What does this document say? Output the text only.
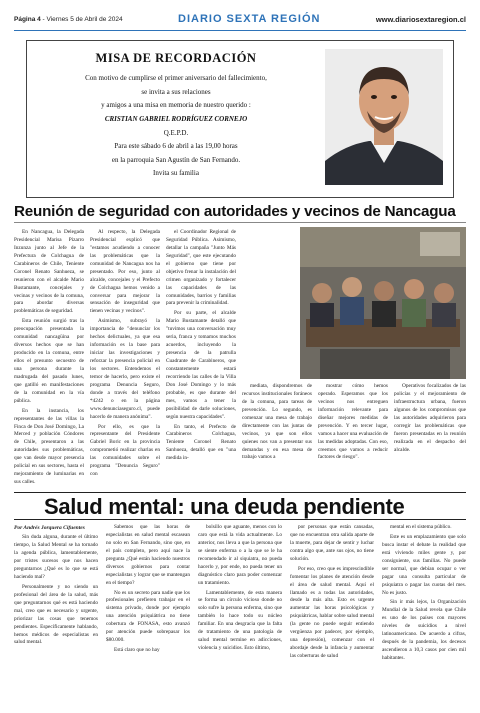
Página 4 - Viernes 5 de Abril de 2024	DIARIO SEXTA REGIÓN	www.diariosextaregion.cl
MISA DE RECORDACIÓN
Con motivo de cumplirse el primer aniversario del fallecimiento,
se invita a sus relaciones
y amigos a una misa en memoria de nuestro querido :
CRISTIAN GABRIEL RODRÍGUEZ CORNEJO
Q.E.P.D.
Para este sábado 6 de abril a las 19,00 horas
en la parroquia San Agustín de San Fernando.
Invita su familia
Reunión de seguridad con autoridades y vecinos de Nancagua

En Nancagua, la Delegada Presidencial Marisa Pizarro Inzunza junto al Jefe de la Prefectura de Colchagua de Carabineros de Chile, Teniente Coronel Renato Sanhueza, se reunieron con el alcalde Mario Bustamante, concejales y vecinas y vecinos de la comuna, para abordar diversas problemáticas de seguridad.

Esta reunión surgió tras la preocupación presentada la comunidad nancagüina por diversos hechos que se han producido en la comuna, entre ellos el presunto secuestro de una persona durante la madrugada del pasado lunes, que gatilló en manifestaciones de la comunidad en la vía pública.

En la instancia, los representantes de las villas la Finca de Don José Domingo, La Merced y población Cóndores de Chile, presentaron a las autoridades sus problemáticas, que van desde mayor presencia policial en sus sectores, hasta el mejoramiento de luminarias en sus calles.

Al respecto, la Delegada Presidencial explicó que "estamos acudiendo a conocer las problemáticas que la comunidad de Nancagua nos ha presentado. Por eso, junto al alcalde, concejales y el Prefecto de Colchagua hemos venido a conversar para mejorar la sensación de inseguridad que tienen vecinas y vecinos".

Asimismo, subrayó la importancia de "denunciar los hechos delictuales, ya que esa información es la base para iniciar las investigaciones y reforzar la presencia policial en los sectores. Entendemos el temor de hacerlo, pero existe el programa Denuncia Seguro, donde a través del teléfono *4242 o en la página www.denunciaseguro.cl, puede hacerlo de manera anónima".

Por ello, es que la representante del Presidente Gabriel Boric en la provincia comprometió realizar charlas en las comunidades sobre el programa "Denuncia Seguro" con

el Coordinador Regional de Seguridad Pública. Asimismo, detallar la campaña "Junto Más Seguridad", que este ejecutando el gobierno que tiene por objetivo frenar la instalación del crimen organizado y fortalecer las capacidades de las comunidades, barrios y familias para prevenir la criminalidad.

Por su parte, el alcalde Mario Bustamante detalló que "tuvimos una conversación muy seria, franca y tomamos muchos acuerdos, incluyendo la presencia de la patrulla Cuadrante de Carabineros, que constantemente estará recorriendo las calles de la Villa Don José Domingo y lo más probable, es que durante del mes, vamos a tener la posibilidad de darle soluciones, según nuestra capacidades".

En tanto, el Prefecto de Carabineros Colchagua, Teniente Coronel Renato Sanhueza, detalló que en "una medida in-

mediata, dispondremos de recursos institucionales foráneos de la comuna, para tareas de prevención. Lo segundo, es comenzar una mesa de trabajo directamente con las juntas de vecinos, ya que son ellos quienes nos van a presentar sus demandas y en esa mesa de trabajo vamos a

mostrar cómo hemos operado. Esperamos que los vecinos nos entreguen información relevante para diseñar mejores medidas de prevención. Y en tercer lugar, vamos a hacer una evaluación de las medidas adoptadas. Con eso, creemos que vamos a reducir factores de riesgo".

Operativos focalizados de las policías y el mejoramiento de infraestructura urbana, fueron algunos de los compromisos que las autoridades adquirieron para corregir las problemáticas que fueron presentadas en la reunión realizada en el despacho del alcalde.

Salud mental: una deuda pendiente

Por Andrés Jorquera Cifuentes

Sin duda alguna, durante el último tiempo, la Salud Mental se ha tornado la agenda pública, lamentablemente, por tristes sucesos que nos hacen preguntarnos ¿Qué es lo que se está haciendo mal?

Personalmente y no siendo un profesional del área de la salud, más que preguntarnos qué es está haciendo mal, creo que es necesario y urgente, priorizar las cosas que tenemos pendientes. Específicamente hablando, hemos médicos de especialistas en salud mental.

Sabemos que las horas de especialistas en salud mental escasean no solo en San Fernando, sino que, en el país completo, pero aquí nace la pregunta ¿Qué están haciendo nuestros diversos gobiernos para contar especialistas y lograr que se mantengan en el tiempo?

No es un secreto para nadie que los profesionales prefieren trabajar en el sistema privado, donde por ejemplo una atención psiquiátrica no tiene cobertura de FONASA, esto avanzó por atención puede sobrepasar los $80.000.

Está claro que no hay

bolsillo que aguante, menos con lo caro que está la vida actualmente. Lo anterior, nos lleva a que la persona que se siente enferma o a la que se le ha recomendado ir al siquiatra, no pueda hacerlo y, por ende, no pueda tener un diagnóstico claro para poder comenzar un tratamiento.

Lamentablemente, de esta manera se forma un círculo vicioso donde no solo sufre la persona enferma, sino que también lo hace todo su núcleo familiar. En una desgracia que la falta de tratamiento de una patología de salud mental termine en adicciones, violencia y suicidios. Esto último,

por personas que están cansadas, que no encuentran otra salida aparte de la muerte, para dejar de sentir y luchar contra algo que, ante sus ojos, no tiene solución.

Por eso, creo que es imprescindible fomentar los planes de atención desde el área de salud mental. Aquí el llamado es a todas las autoridades, desde la más alta. Esto es urgente aumentar las horas psicológicas y psiquiátricas, hablar sobre salud mental (la gente no puede seguir entiendo vergüenza por padecer, por ejemplo, una depresión), comenzar con el abordaje desde la infancia y aumentar las coberturas de salud

mental en el sistema público.

Este es un emplazamiento que solo busca instar el debate la realidad que está viviendo miles gente y, por consiguiente, sus familias. No puede ser normal, que debían ocupar o ver pagar una consulta particular de psiquiatra o pagar las cuotas del mes. No es justo.

Sin ir más lejos, la Organización Mundial de la Salud revela que Chile es uno de los países con mayores niveles de suicidios a nivel latinoamericano. De acuerdo a cifras, después de la pandemia, los decesos ascendieron a 10,3 casos por cien mil habitantes.
